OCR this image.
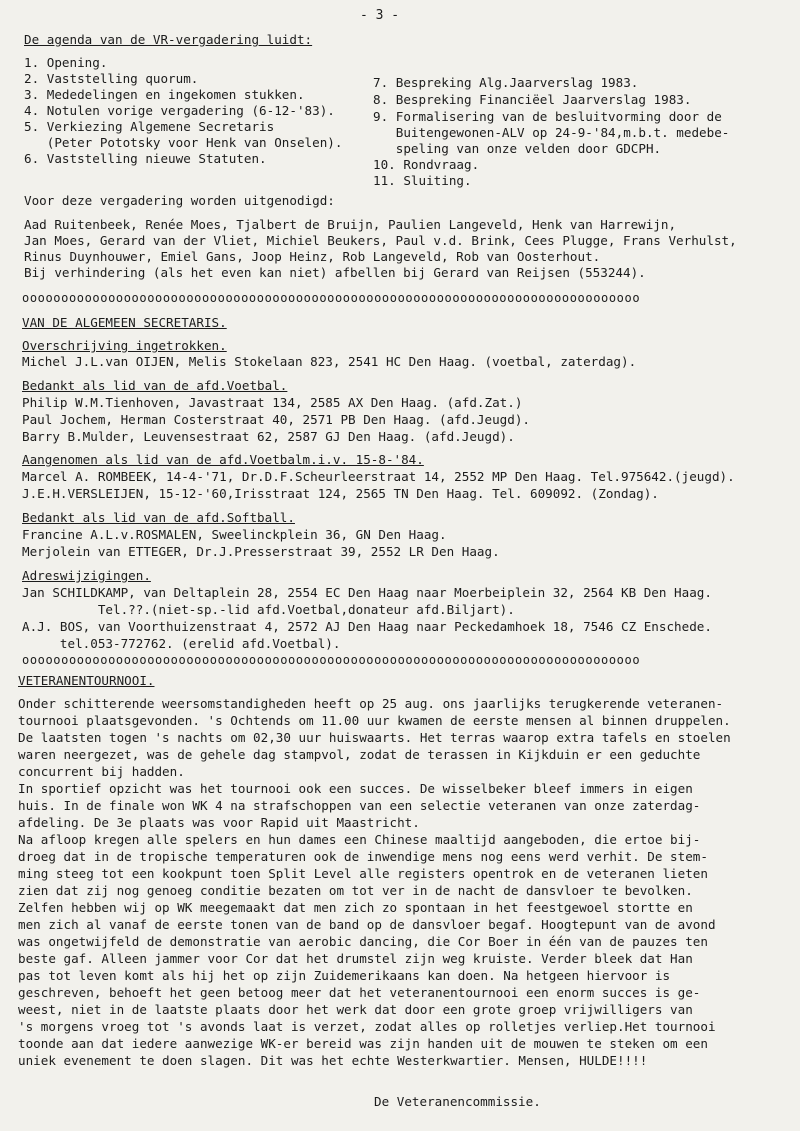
- 3 -
De agenda van de VR-vergadering luidt:
1. Opening.
2. Vaststelling quorum.
3. Mededelingen en ingekomen stukken.
4. Notulen vorige vergadering (6-12-'83).
5. Verkiezing Algemene Secretaris
(Peter Pototsky voor Henk van Onselen).
6. Vaststelling nieuwe Statuten.
7. Bespreking Alg.Jaarverslag 1983.
8. Bespreking Financiëel Jaarverslag 1983.
9. Formalisering van de besluitvorming door de
Buitengewonen-ALV op 24-9-'84,m.b.t. medebe-
speling van onze velden door GDCPH.
10. Rondvraag.
11. Sluiting.
Voor deze vergadering worden uitgenodigd:
Aad Ruitenbeek, Renée Moes, Tjalbert de Bruijn, Paulien Langeveld, Henk van Harrewijn,
Jan Moes, Gerard van der Vliet, Michiel Beukers, Paul v.d. Brink, Cees Plugge, Frans Verhulst,
Rinus Duynhouwer, Emiel Gans, Joop Heinz, Rob Langeveld, Rob van Oosterhout.
Bij verhindering (als het even kan niet) afbellen bij Gerard van Reijsen (553244).
ooooooooooooooooooooooooooooooooooooooooooooooooooooooooooooooooooooooooooooooo
VAN DE ALGEMEEN SECRETARIS.
Overschrijving ingetrokken.
Michel J.L.van OIJEN, Melis Stokelaan 823, 2541 HC Den Haag. (voetbal, zaterdag).
Bedankt als lid van de afd.Voetbal.
Philip W.M.Tienhoven, Javastraat 134, 2585 AX Den Haag. (afd.Zat.)
Paul Jochem, Herman Costerstraat 40, 2571 PB Den Haag. (afd.Jeugd).
Barry B.Mulder, Leuvensestraat 62, 2587 GJ Den Haag. (afd.Jeugd).
Aangenomen als lid van de afd.Voetbalm.i.v. 15-8-'84.
Marcel A. ROMBEEK, 14-4-'71, Dr.D.F.Scheurleerstraat 14, 2552 MP Den Haag. Tel.975642.(jeugd).
J.E.H.VERSLEIJEN, 15-12-'60,Irisstraat 124, 2565 TN Den Haag. Tel. 609092. (Zondag).
Bedankt als lid van de afd.Softball.
Francine A.L.v.ROSMALEN, Sweelinckplein 36, GN Den Haag.
Merjolein van ETTEGER, Dr.J.Presserstraat 39, 2552 LR Den Haag.
Adreswijzigingen.
Jan SCHILDKAMP, van Deltaplein 28, 2554 EC Den Haag naar Moerbeiplein 32, 2564 KB Den Haag.
Tel.??.(niet-sp.-lid afd.Voetbal,donateur afd.Biljart).
A.J. BOS, van Voorthuizenstraat 4, 2572 AJ Den Haag naar Peckedamhoek 18, 7546 CZ Enschede.
tel.053-772762. (erelid afd.Voetbal).
ooooooooooooooooooooooooooooooooooooooooooooooooooooooooooooooooooooooooooooooo
VETERANENTOURNOOI.
Onder schitterende weersomstandigheden heeft op 25 aug. ons jaarlijks terugkerende veteranen-
tournooi plaatsgevonden. 's Ochtends om 11.00 uur kwamen de eerste mensen al binnen druppelen.
De laatsten togen 's nachts om 02,30 uur huiswaarts. Het terras waarop extra tafels en stoelen
waren neergezet, was de gehele dag stampvol, zodat de terassen in Kijkduin er een geduchte
concurrent bij hadden.
In sportief opzicht was het tournooi ook een succes. De wisselbeker bleef immers in eigen
huis. In de finale won WK 4 na strafschoppen van een selectie veteranen van onze zaterdag-
afdeling. De 3e plaats was voor Rapid uit Maastricht.
Na afloop kregen alle spelers en hun dames een Chinese maaltijd aangeboden, die ertoe bij-
droeg dat in de tropische temperaturen ook de inwendige mens nog eens werd verhit. De stem-
ming steeg tot een kookpunt toen Split Level alle registers opentrok en de veteranen lieten
zien dat zij nog genoeg conditie bezaten om tot ver in de nacht de dansvloer te bevolken.
Zelfen hebben wij op WK meegemaakt dat men zich zo spontaan in het feestgewoel stortte en
men zich al vanaf de eerste tonen van de band op de dansvloer begaf. Hoogtepunt van de avond
was ongetwijfeld de demonstratie van aerobic dancing, die Cor Boer in één van de pauzes ten
beste gaf. Alleen jammer voor Cor dat het drumstel zijn weg kruiste. Verder bleek dat Han
pas tot leven komt als hij het op zijn Zuidemerikaans kan doen. Na hetgeen hiervoor is
geschreven, behoeft het geen betoog meer dat het veteranentournooi een enorm succes is ge-
weest, niet in de laatste plaats door het werk dat door een grote groep vrijwilligers van
's morgens vroeg tot 's avonds laat is verzet, zodat alles op rolletjes verliep.Het tournooi
toonde aan dat iedere aanwezige WK-er bereid was zijn handen uit de mouwen te steken om een
uniek evenement te doen slagen. Dit was het echte Westerkwartier. Mensen, HULDE!!!!
De Veteranencommissie.
